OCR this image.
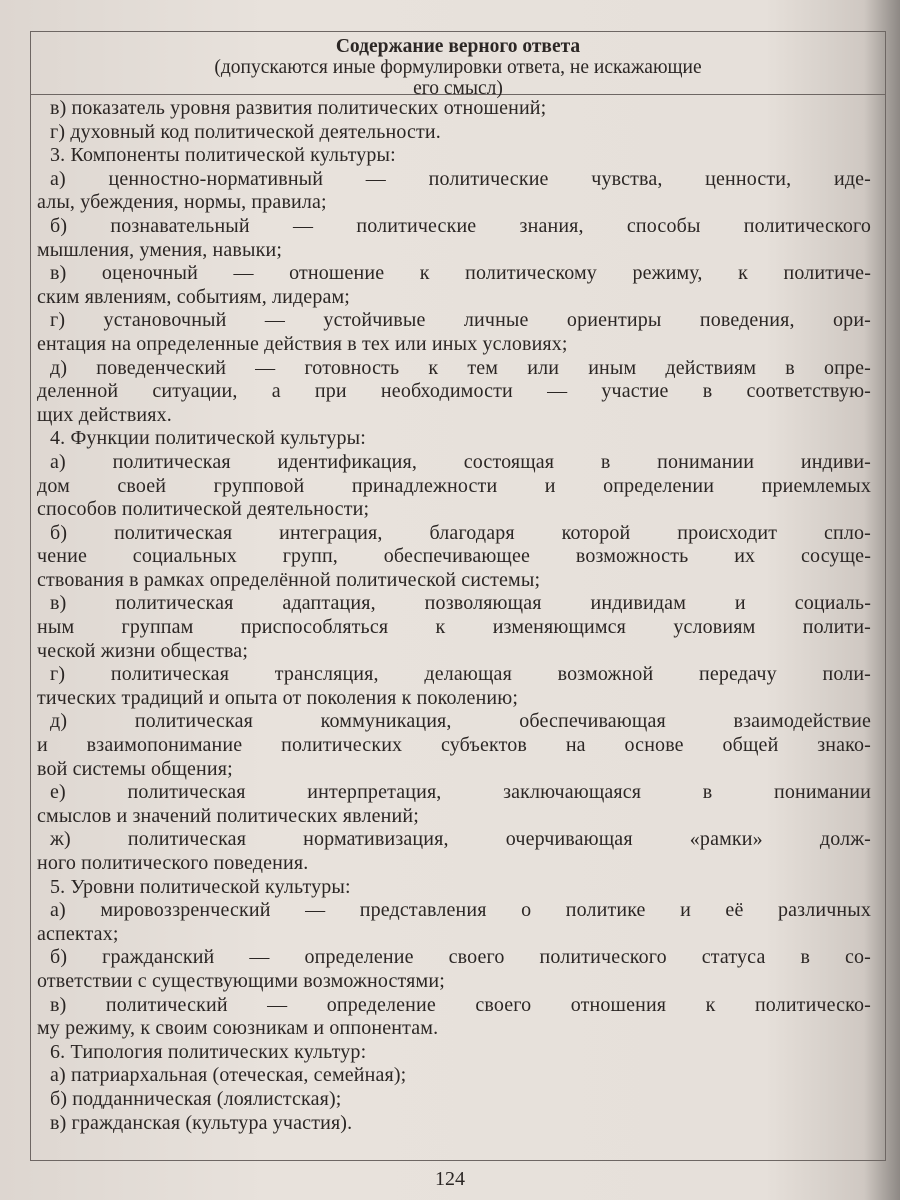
Содержание верного ответа
(допускаются иные формулировки ответа, не искажающие
его смысл)
в) показатель уровня развития политических отношений;
г) духовный код политической деятельности.
3. Компоненты политической культуры:
а) ценностно-нормативный — политические чувства, ценности, иде-
алы, убеждения, нормы, правила;
б) познавательный — политические знания, способы политического
мышления, умения, навыки;
в) оценочный — отношение к политическому режиму, к политиче-
ским явлениям, событиям, лидерам;
г) установочный — устойчивые личные ориентиры поведения, ори-
ентация на определенные действия в тех или иных условиях;
д) поведенческий — готовность к тем или иным действиям в опре-
деленной ситуации, а при необходимости — участие в соответствую-
щих действиях.
4. Функции политической культуры:
а) политическая идентификация, состоящая в понимании индиви-
дом своей групповой принадлежности и определении приемлемых
способов политической деятельности;
б) политическая интеграция, благодаря которой происходит спло-
чение социальных групп, обеспечивающее возможность их сосуще-
ствования в рамках определённой политической системы;
в) политическая адаптация, позволяющая индивидам и социаль-
ным группам приспособляться к изменяющимся условиям полити-
ческой жизни общества;
г) политическая трансляция, делающая возможной передачу поли-
тических традиций и опыта от поколения к поколению;
д) политическая коммуникация, обеспечивающая взаимодействие
и взаимопонимание политических субъектов на основе общей знако-
вой системы общения;
е) политическая интерпретация, заключающаяся в понимании
смыслов и значений политических явлений;
ж) политическая нормативизация, очерчивающая «рамки» долж-
ного политического поведения.
5. Уровни политической культуры:
а) мировоззренческий — представления о политике и её различных
аспектах;
б) гражданский — определение своего политического статуса в со-
ответствии с существующими возможностями;
в) политический — определение своего отношения к политическо-
му режиму, к своим союзникам и оппонентам.
6. Типология политических культур:
а) патриархальная (отеческая, семейная);
б) подданническая (лоялистская);
в) гражданская (культура участия).
124
